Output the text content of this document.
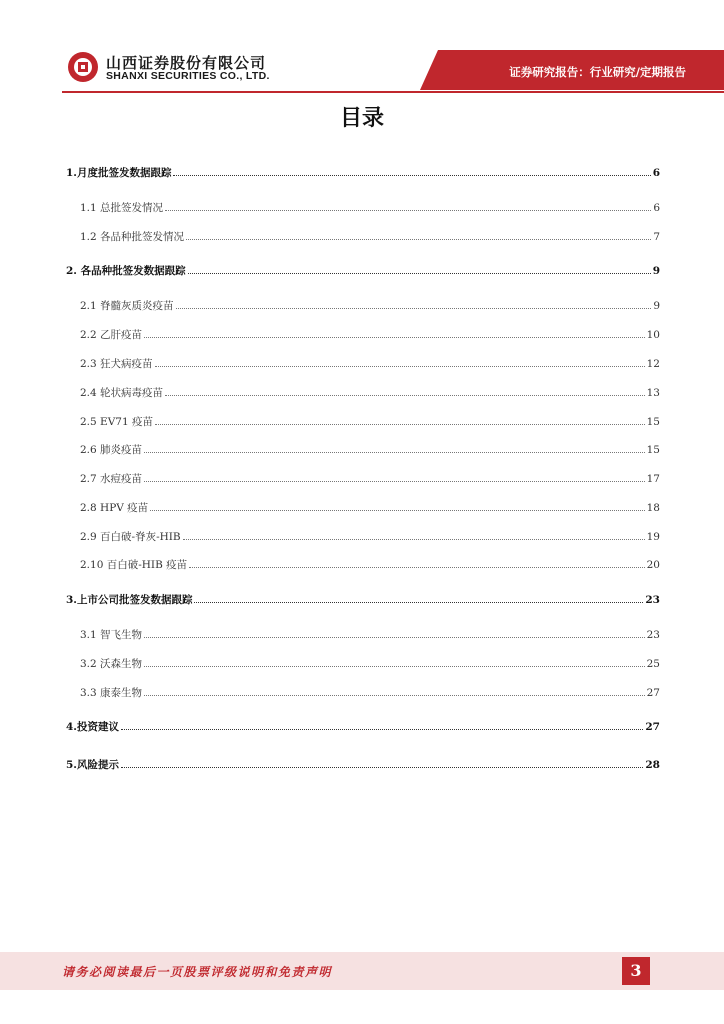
山西证券股份有限公司
SHANXI SECURITIES CO., LTD.	证券研究报告：行业研究/定期报告
目录
1.月度批签发数据跟踪	6
1.1 总批签发情况	6
1.2 各品种批签发情况	7
2. 各品种批签发数据跟踪	9
2.1 脊髓灰质炎疫苗	9
2.2 乙肝疫苗	10
2.3 狂犬病疫苗	12
2.4 轮状病毒疫苗	13
2.5 EV71 疫苗	15
2.6 肺炎疫苗	15
2.7 水痘疫苗	17
2.8 HPV 疫苗	18
2.9 百白破-脊灰-HIB	19
2.10 百白破-HIB 疫苗	20
3.上市公司批签发数据跟踪	23
3.1 智飞生物	23
3.2 沃森生物	25
3.3 康泰生物	27
4.投资建议	27
5.风险提示	28
请务必阅读最后一页股票评级说明和免责声明	3
